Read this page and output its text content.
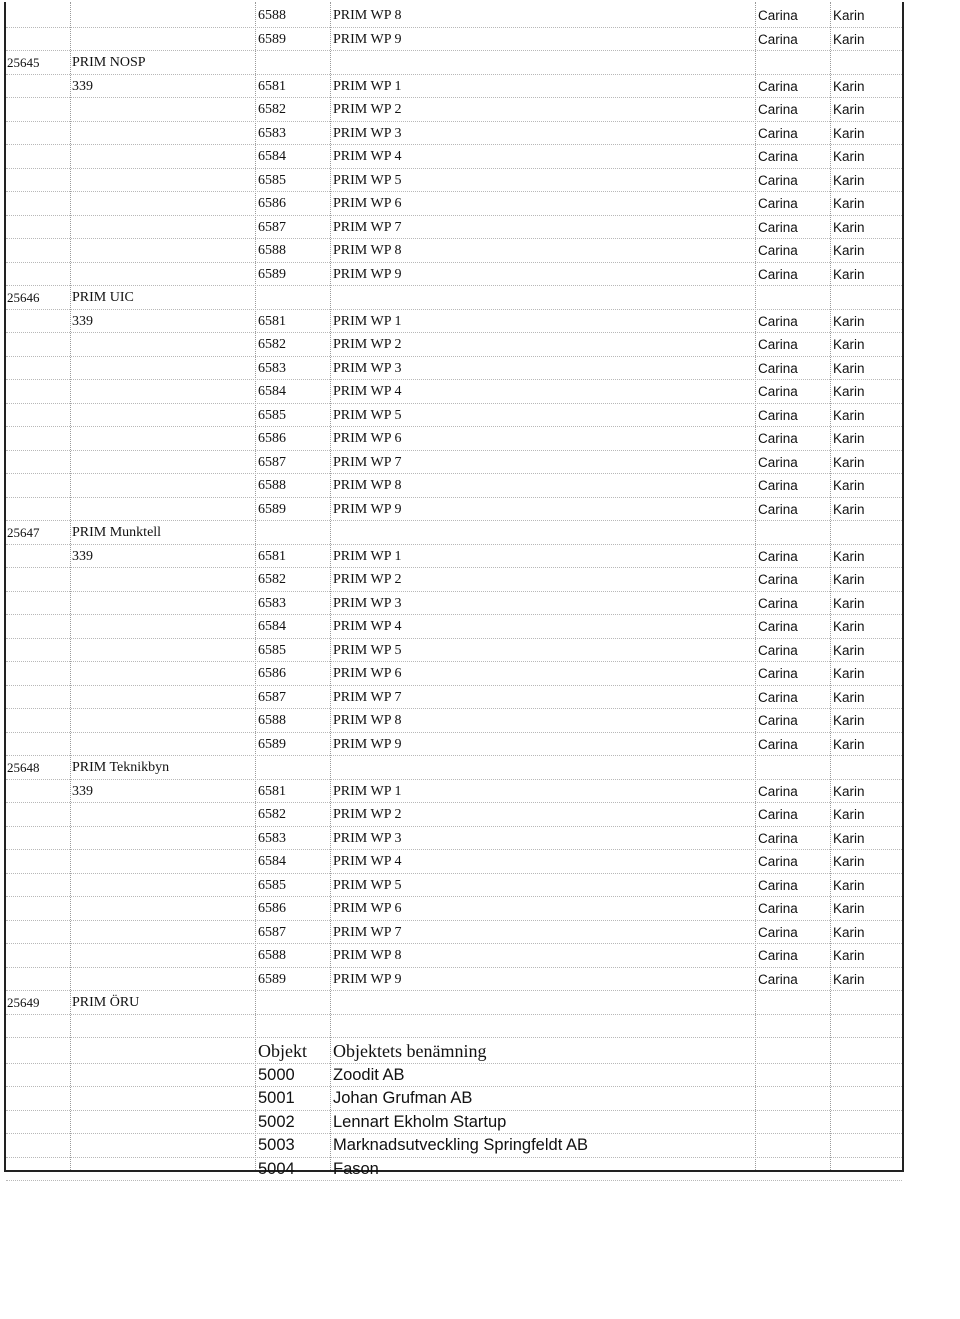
6588	PRIM WP 8	Carina	Karin
6589	PRIM WP 9	Carina	Karin
25645 PRIM NOSP
339	6581	PRIM WP 1	Carina	Karin
6582	PRIM WP 2	Carina	Karin
6583	PRIM WP 3	Carina	Karin
6584	PRIM WP 4	Carina	Karin
6585	PRIM WP 5	Carina	Karin
6586	PRIM WP 6	Carina	Karin
6587	PRIM WP 7	Carina	Karin
6588	PRIM WP 8	Carina	Karin
6589	PRIM WP 9	Carina	Karin
25646 PRIM UIC
339	6581	PRIM WP 1	Carina	Karin
6582	PRIM WP 2	Carina	Karin
6583	PRIM WP 3	Carina	Karin
6584	PRIM WP 4	Carina	Karin
6585	PRIM WP 5	Carina	Karin
6586	PRIM WP 6	Carina	Karin
6587	PRIM WP 7	Carina	Karin
6588	PRIM WP 8	Carina	Karin
6589	PRIM WP 9	Carina	Karin
25647 PRIM Munktell
339	6581	PRIM WP 1	Carina	Karin
6582	PRIM WP 2	Carina	Karin
6583	PRIM WP 3	Carina	Karin
6584	PRIM WP 4	Carina	Karin
6585	PRIM WP 5	Carina	Karin
6586	PRIM WP 6	Carina	Karin
6587	PRIM WP 7	Carina	Karin
6588	PRIM WP 8	Carina	Karin
6589	PRIM WP 9	Carina	Karin
25648 PRIM Teknikbyn
339	6581	PRIM WP 1	Carina	Karin
6582	PRIM WP 2	Carina	Karin
6583	PRIM WP 3	Carina	Karin
6584	PRIM WP 4	Carina	Karin
6585	PRIM WP 5	Carina	Karin
6586	PRIM WP 6	Carina	Karin
6587	PRIM WP 7	Carina	Karin
6588	PRIM WP 8	Carina	Karin
6589	PRIM WP 9	Carina	Karin
25649 PRIM ÖRU
Objekt Objektets benämning
5000 Zoodit AB
5001 Johan Grufman AB
5002 Lennart Ekholm Startup
5003 Marknadsutveckling Springfeldt AB
5004 Fason
